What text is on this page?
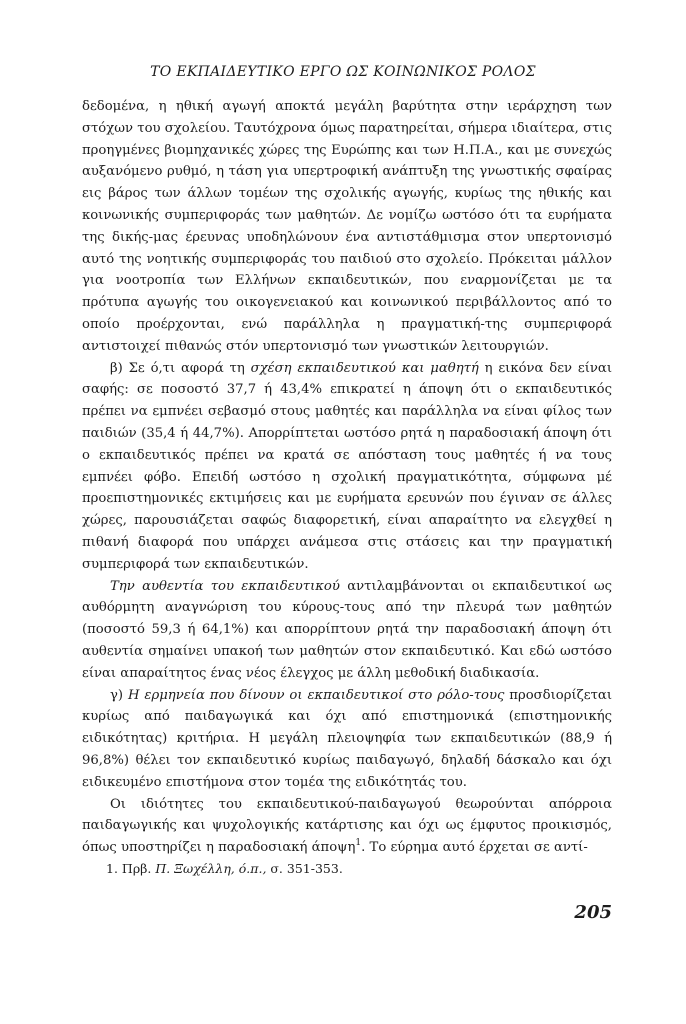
ΤΟ ΕΚΠΑΙΔΕΥΤΙΚΟ ΕΡΓΟ ΩΣ ΚΟΙΝΩΝΙΚΟΣ ΡΟΛΟΣ

δεδομένα, η ηθική αγωγή αποκτά μεγάλη βαρύτητα στην ιεράρχηση των στόχων του σχολείου. Ταυτόχρονα όμως παρατηρείται, σήμερα ιδιαίτερα, στις προηγμένες βιομηχανικές χώρες της Ευρώπης και των Η.Π.Α., και με συνεχώς αυξανόμενο ρυθμό, η τάση για υπερτροφική ανάπτυξη της γνωστικής σφαίρας εις βάρος των άλλων τομέων της σχολικής αγωγής, κυρίως της ηθικής και κοινωνικής συμπεριφοράς των μαθητών. Δε νομίζω ωστόσο ότι τα ευρήματα της δικής-μας έρευνας υποδηλώνουν ένα αντιστάθμισμα στον υπερτονισμό αυτό της νοητικής συμπεριφοράς του παιδιού στο σχολείο. Πρόκειται μάλλον για νοοτροπία των Ελλήνων εκπαιδευτικών, που εναρμονίζεται με τα πρότυπα αγωγής του οικογενειακού και κοινωνικού περιβάλλοντος από το οποίο προέρχονται, ενώ παράλληλα η πραγματική-της συμπεριφορά αντιστοιχεί πιθανώς στόν υπερτονισμό των γνωστικών λειτουργιών.

β) Σε ό,τι αφορά τη σχέση εκπαιδευτικού και μαθητή η εικόνα δεν είναι σαφής: σε ποσοστό 37,7 ή 43,4% επικρατεί η άποψη ότι ο εκπαιδευτικός πρέπει να εμπνέει σεβασμό στους μαθητές και παράλληλα να είναι φίλος των παιδιών (35,4 ή 44,7%). Απορρίπτεται ωστόσο ρητά η παραδοσιακή άποψη ότι ο εκπαιδευτικός πρέπει να κρατά σε απόσταση τους μαθητές ή να τους εμπνέει φόβο. Επειδή ωστόσο η σχολική πραγματικότητα, σύμφωνα μέ προεπιστημονικές εκτιμήσεις και με ευρήματα ερευνών που έγιναν σε άλλες χώρες, παρουσιάζεται σαφώς διαφορετική, είναι απαραίτητο να ελεγχθεί η πιθανή διαφορά που υπάρχει ανάμεσα στις στάσεις και την πραγματική συμπεριφορά των εκπαιδευτικών.

Την αυθεντία του εκπαιδευτικού αντιλαμβάνονται οι εκπαιδευτικοί ως αυθόρμητη αναγνώριση του κύρους-τους από την πλευρά των μαθητών (ποσοστό 59,3 ή 64,1%) και απορρίπτουν ρητά την παραδοσιακή άποψη ότι αυθεντία σημαίνει υπακοή των μαθητών στον εκπαιδευτικό. Και εδώ ωστόσο είναι απαραίτητος ένας νέος έλεγχος με άλλη μεθοδική διαδικασία.

γ) Η ερμηνεία που δίνουν οι εκπαιδευτικοί στο ρόλο-τους προσδιορίζεται κυρίως από παιδαγωγικά και όχι από επιστημονικά (επιστημονικής ειδικότητας) κριτήρια. Η μεγάλη πλειοψηφία των εκπαιδευτικών (88,9 ή 96,8%) θέλει τον εκπαιδευτικό κυρίως παιδαγωγό, δηλαδή δάσκαλο και όχι ειδικευμένο επιστήμονα στον τομέα της ειδικότητάς του.

Οι ιδιότητες του εκπαιδευτικού-παιδαγωγού θεωρούνται απόρροια παιδαγωγικής και ψυχολογικής κατάρτισης και όχι ως έμφυτος προικισμός, όπως υποστηρίζει η παραδοσιακή άποψη$^1$. Το εύρημα αυτό έρχεται σε αντί-

1. Πρβ. Π. Ξωχέλλη, ό.π., σ. 351-353.
205
